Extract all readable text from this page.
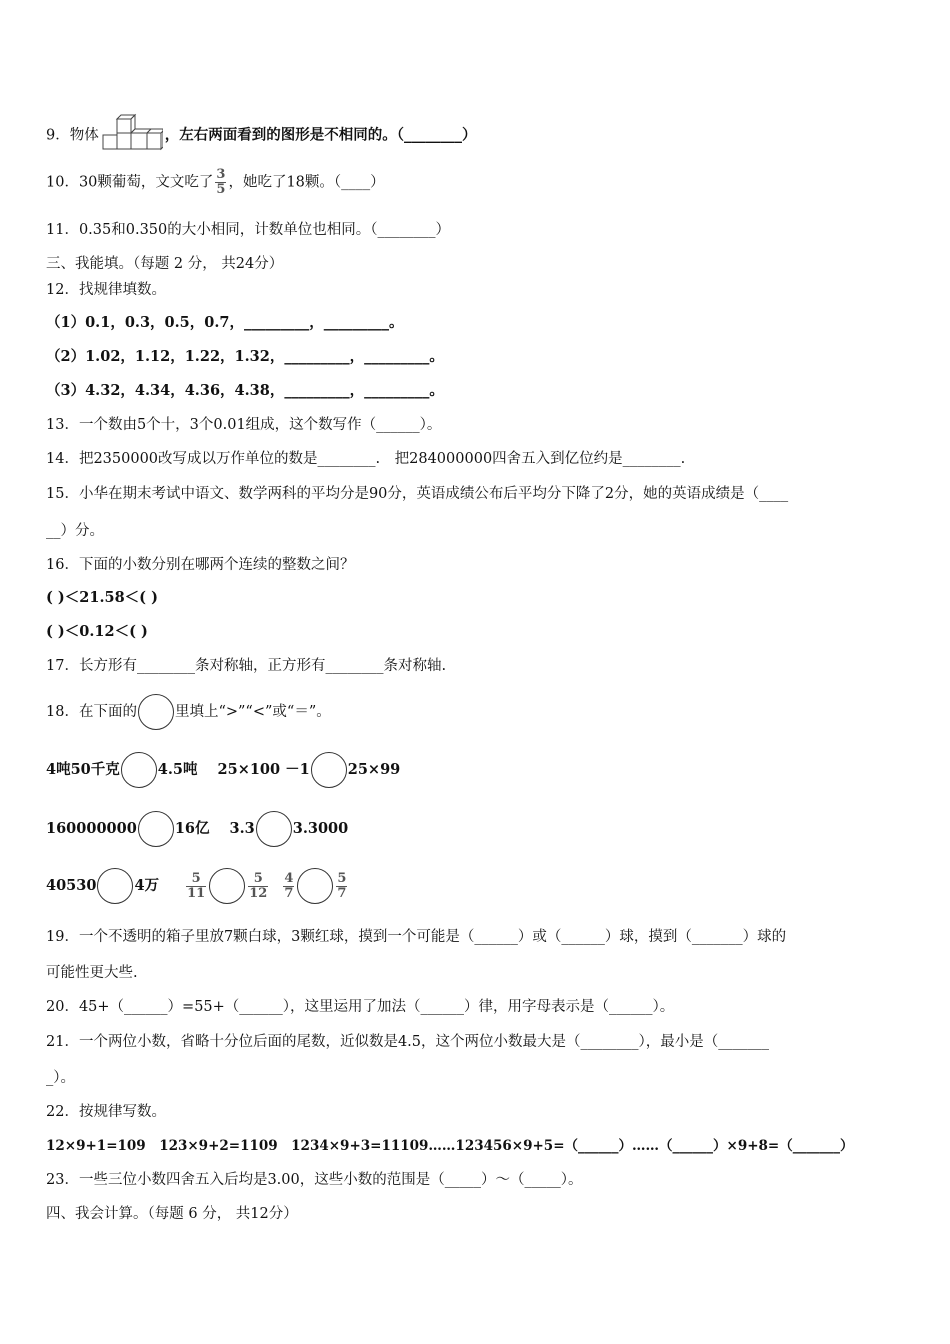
9．物体	，左右两面看到的图形是不相同的。（________）
10．30颗葡萄，文文吃了 $\frac{3}{5}$ ，她吃了18颗。（____）
11．0.35和0.350的大小相同，计数单位也相同。（________）
三、我能填。（每题 2 分， 共24分）
12．找规律填数。
（1）0.1，0.3，0.5，0.7，_________，_________。
（2）1.02，1.12，1.22，1.32，_________，_________。
（3）4.32，4.34，4.36，4.38，_________，_________。
13．一个数由5个十，3个0.01组成，这个数写作（______）。
14．把2350000改写成以万作单位的数是________.　把284000000四舍五入到亿位约是________.
15．小华在期末考试中语文、数学两科的平均分是90分，英语成绩公布后平均分下降了2分，她的英语成绩是（____
__）分。
16．下面的小数分别在哪两个连续的整数之间？
( )＜21.58＜( )
( )＜0.12＜( )
17．长方形有________条对称轴，正方形有________条对称轴.
18．在下面的	里填上“>”“<”或“＝”。
4吨50千克	4.5吨 25×100 －1	25×99
160000000	16亿 3.3	3.3000
40530	4万 $\frac{5}{11}$	$\frac{5}{12}$
$\frac{4}{7}$	$\frac{5}{7}$
19．一个不透明的箱子里放7颗白球，3颗红球，摸到一个可能是（______）或（______）球，摸到（_______）球的
可能性更大些.
20．45+（______）=55+（______），这里运用了加法（______）律，用字母表示是（______）。
21．一个两位小数，省略十分位后面的尾数，近似数是4.5，这个两位小数最大是（________），最小是（_______
_）。
22．按规律写数。
12×9+1=109　123×9+2=1109　1234×9+3=11109……123456×9+5=（______）……（______）×9+8=（_______）
23．一些三位小数四舍五入后均是3.00，这些小数的范围是（_____）～（_____）。
四、我会计算。（每题 6 分， 共12分）
